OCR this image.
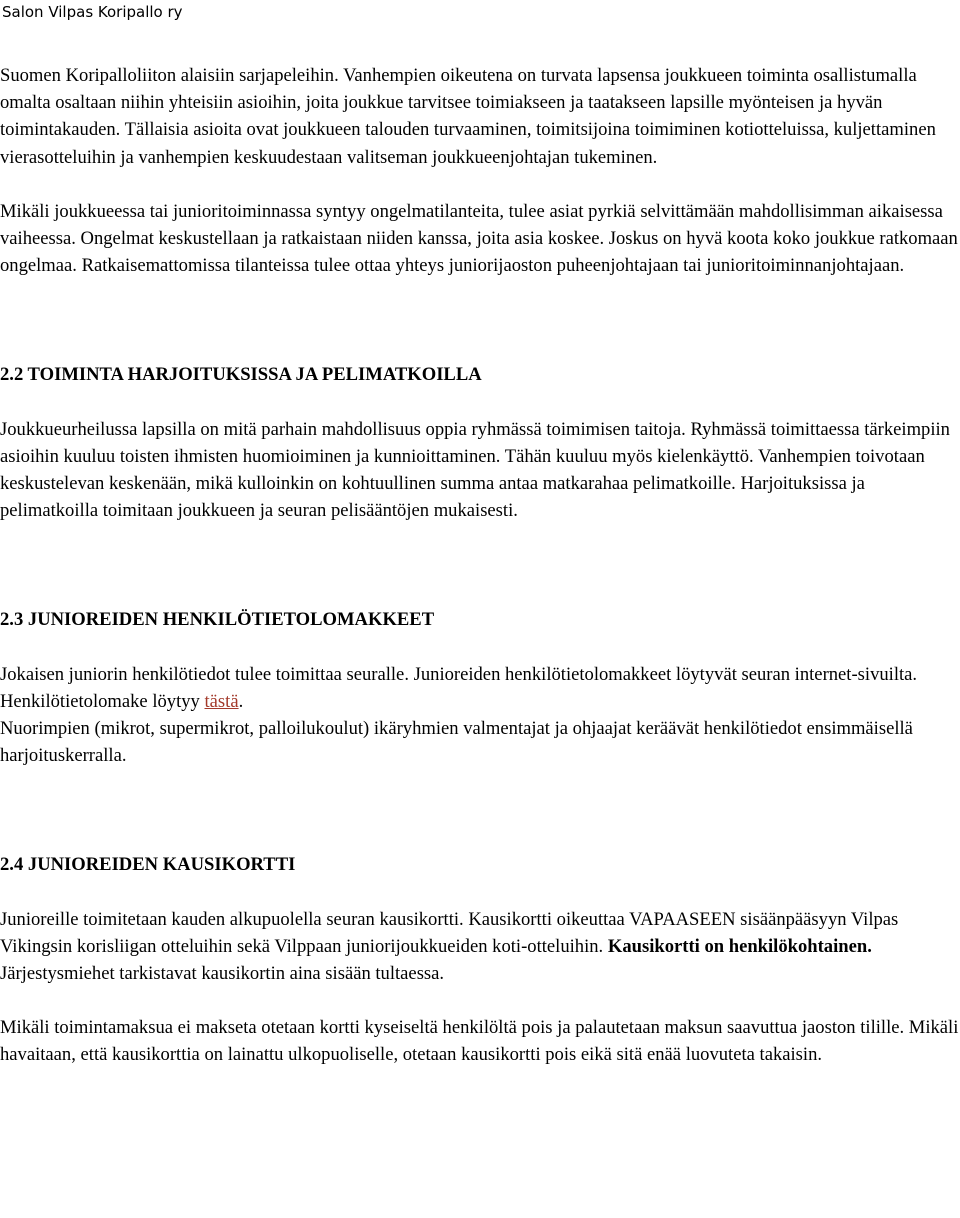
Salon Vilpas Koripallo ry

Suomen Koripalloliiton alaisiin sarjapeleihin. Vanhempien oikeutena on turvata lapsensa joukkueen toiminta osallistumalla omalta osaltaan niihin yhteisiin asioihin, joita joukkue tarvitsee toimiakseen ja taatakseen lapsille myönteisen ja hyvän toimintakauden. Tällaisia asioita ovat joukkueen talouden turvaaminen, toimitsijoina toimiminen kotiotteluissa, kuljettaminen vierasotteluihin ja vanhempien keskuudestaan valitseman joukkueenjohtajan tukeminen.

Mikäli joukkueessa tai junioritoiminnassa syntyy ongelmatilanteita, tulee asiat pyrkiä selvittämään mahdollisimman aikaisessa vaiheessa. Ongelmat keskustellaan ja ratkaistaan niiden kanssa, joita asia koskee. Joskus on hyvä koota koko joukkue ratkomaan ongelmaa. Ratkaisemattomissa tilanteissa tulee ottaa yhteys juniorijaoston puheenjohtajaan tai junioritoiminnanjohtajaan.

2.2 TOIMINTA HARJOITUKSISSA JA PELIMATKOILLA

Joukkueurheilussa lapsilla on mitä parhain mahdollisuus oppia ryhmässä toimimisen taitoja. Ryhmässä toimittaessa tärkeimpiin asioihin kuuluu toisten ihmisten huomioiminen ja kunnioittaminen. Tähän kuuluu myös kielenkäyttö. Vanhempien toivotaan keskustelevan keskenään, mikä kulloinkin on kohtuullinen summa antaa matkarahaa pelimatkoille. Harjoituksissa ja pelimatkoilla toimitaan joukkueen ja seuran pelisääntöjen mukaisesti.

2.3 JUNIOREIDEN HENKILÖTIETOLOMAKKEET

Jokaisen juniorin henkilötiedot tulee toimittaa seuralle. Junioreiden henkilötietolomakkeet löytyvät seuran internet-sivuilta. Henkilötietolomake löytyy tästä.

Nuorimpien (mikrot, supermikrot, palloilukoulut) ikäryhmien valmentajat ja ohjaajat keräävät henkilötiedot ensimmäisellä harjoituskerralla.

2.4 JUNIOREIDEN KAUSIKORTTI

Junioreille toimitetaan kauden alkupuolella seuran kausikortti. Kausikortti oikeuttaa VAPAASEEN sisäänpääsyyn Vilpas Vikingsin korisliigan otteluihin sekä Vilppaan juniorijoukkueiden koti-otteluihin. Kausikortti on henkilökohtainen. Järjestysmiehet tarkistavat kausikortin aina sisään tultaessa.

Mikäli toimintamaksua ei makseta otetaan kortti kyseiseltä henkilöltä pois ja palautetaan maksun saavuttua jaoston tilille. Mikäli havaitaan, että kausikorttia on lainattu ulkopuoliselle, otetaan kausikortti pois eikä sitä enää luovuteta takaisin.
